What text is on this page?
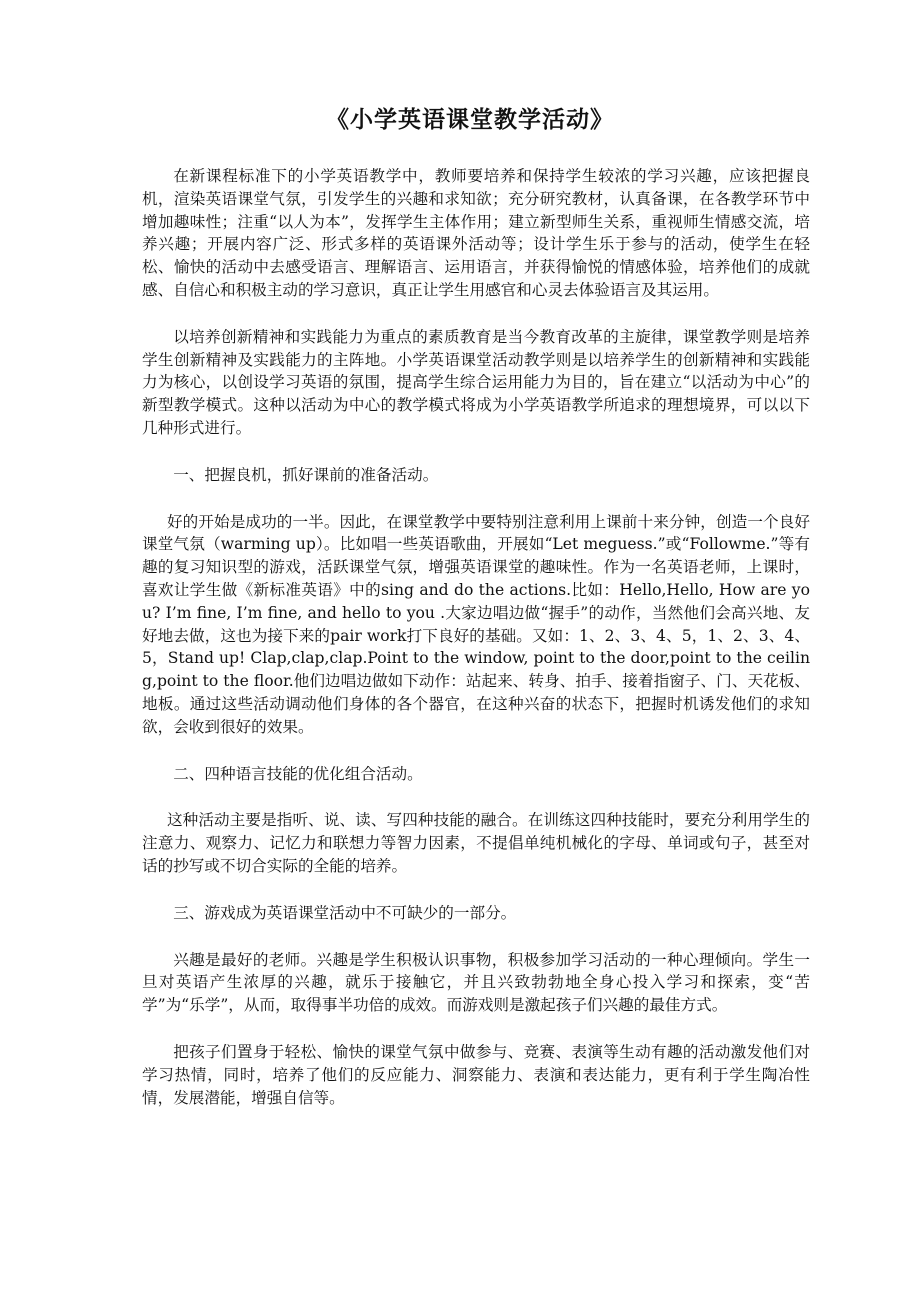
《小学英语课堂教学活动》

在新课程标准下的小学英语教学中，教师要培养和保持学生较浓的学习兴趣，应该把握良机，渲染英语课堂气氛，引发学生的兴趣和求知欲；充分研究教材，认真备课，在各教学环节中增加趣味性；注重“以人为本”，发挥学生主体作用；建立新型师生关系，重视师生情感交流，培养兴趣；开展内容广泛、形式多样的英语课外活动等；设计学生乐于参与的活动，使学生在轻松、愉快的活动中去感受语言、理解语言、运用语言，并获得愉悦的情感体验，培养他们的成就感、自信心和积极主动的学习意识，真正让学生用感官和心灵去体验语言及其运用。

以培养创新精神和实践能力为重点的素质教育是当今教育改革的主旋律，课堂教学则是培养学生创新精神及实践能力的主阵地。小学英语课堂活动教学则是以培养学生的创新精神和实践能力为核心，以创设学习英语的氛围，提高学生综合运用能力为目的，旨在建立“以活动为中心”的新型教学模式。这种以活动为中心的教学模式将成为小学英语教学所追求的理想境界，可以以下几种形式进行。

一、把握良机，抓好课前的准备活动。

好的开始是成功的一半。因此，在课堂教学中要特别注意利用上课前十来分钟，创造一个良好课堂气氛（warming up）。比如唱一些英语歌曲，开展如“Let meguess.”或“Followme.”等有趣的复习知识型的游戏，活跃课堂气氛，增强英语课堂的趣味性。作为一名英语老师，上课时，喜欢让学生做《新标准英语》中的sing and do the actions.比如：Hello,Hello, How are you? I’m fine, I’m fine, and hello to you .大家边唱边做“握手”的动作，当然他们会高兴地、友好地去做，这也为接下来的pair work打下良好的基础。又如：1、2、3、4、5，1、2、3、4、5，Stand up! Clap,clap,clap.Point to the window, point to the door,point to the ceiling,point to the floor.他们边唱边做如下动作：站起来、转身、拍手、接着指窗子、门、天花板、地板。通过这些活动调动他们身体的各个器官，在这种兴奋的状态下，把握时机诱发他们的求知欲，会收到很好的效果。

二、四种语言技能的优化组合活动。

这种活动主要是指听、说、读、写四种技能的融合。在训练这四种技能时，要充分利用学生的注意力、观察力、记忆力和联想力等智力因素，不提倡单纯机械化的字母、单词或句子，甚至对话的抄写或不切合实际的全能的培养。

三、游戏成为英语课堂活动中不可缺少的一部分。

兴趣是最好的老师。兴趣是学生积极认识事物，积极参加学习活动的一种心理倾向。学生一旦对英语产生浓厚的兴趣，就乐于接触它，并且兴致勃勃地全身心投入学习和探索，变“苦学”为“乐学”，从而，取得事半功倍的成效。而游戏则是激起孩子们兴趣的最佳方式。

把孩子们置身于轻松、愉快的课堂气氛中做参与、竞赛、表演等生动有趣的活动激发他们对学习热情，同时，培养了他们的反应能力、洞察能力、表演和表达能力，更有利于学生陶冶性情，发展潜能，增强自信等。
